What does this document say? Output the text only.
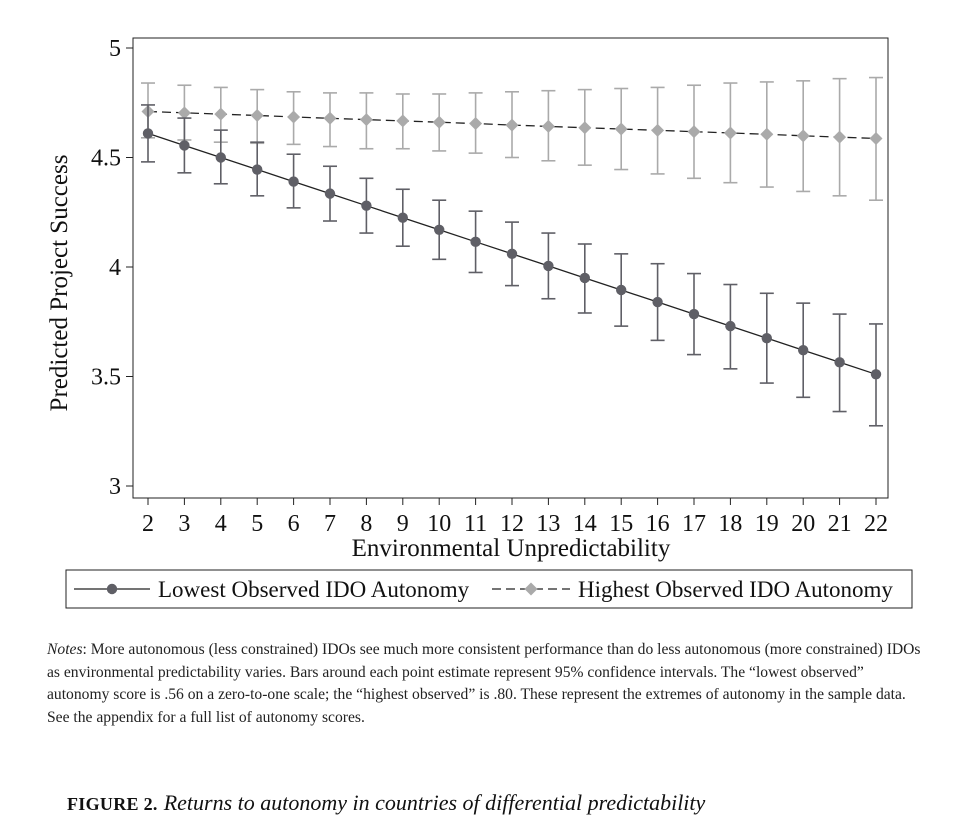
3
3.5
4
4.5
5
2 3 4 5 6 7 8 9 10 11 12 13 14 15 16 17 18 19 20 21 22
Predicted Project Success
Environmental Unpredictability
Lowest Observed IDO Autonomy	Highest Observed IDO Autonomy
Notes: More autonomous (less constrained) IDOs see much more consistent performance than do less autonomous (more constrained) IDOs as environmental predictability varies. Bars around each point estimate represent 95% confidence intervals. The “lowest observed” autonomy score is .56 on a zero-to-one scale; the “highest observed” is .80. These represent the extremes of autonomy in the sample data. See the appendix for a full list of autonomy scores.
FIGURE 2. Returns to autonomy in countries of differential predictability
